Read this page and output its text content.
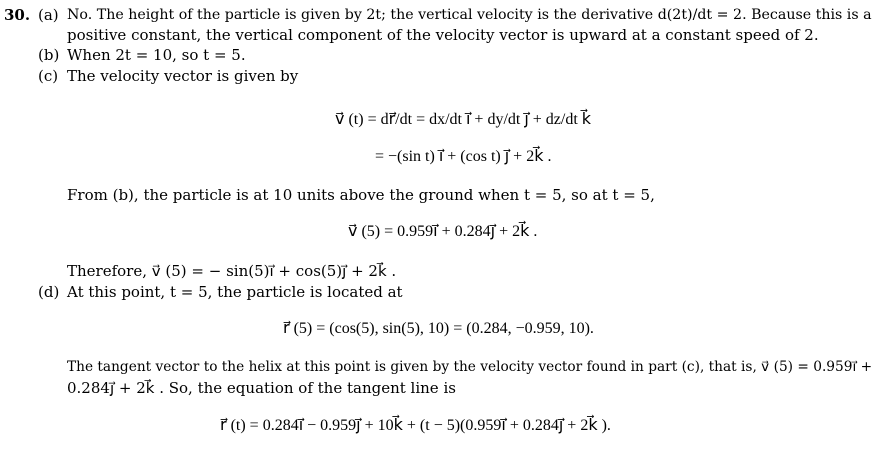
30. (a) No. The height of the particle is given by 2t; the vertical velocity is the derivative d(2t)/dt = 2. Because this is a
positive constant, the vertical component of the velocity vector is upward at a constant speed of 2.
(b) When 2t = 10, so t = 5.
(c) The velocity vector is given by
v⃗ (t) = dr⃗/dt = dx/dt i⃗ + dy/dt j⃗ + dz/dt k⃗
= −(sin t) i⃗ + (cos t) j⃗ + 2k⃗ .
From (b), the particle is at 10 units above the ground when t = 5, so at t = 5,
v⃗ (5) = 0.959i⃗ + 0.284j⃗ + 2k⃗ .
Therefore, v⃗ (5) = − sin(5)i⃗ + cos(5)j⃗ + 2k⃗ .
(d) At this point, t = 5, the particle is located at
r⃗ (5) = (cos(5), sin(5), 10) = (0.284, −0.959, 10).
The tangent vector to the helix at this point is given by the velocity vector found in part (c), that is, v⃗ (5) = 0.959i⃗ +
0.284j⃗ + 2k⃗ . So, the equation of the tangent line is
r⃗ (t) = 0.284i⃗ − 0.959j⃗ + 10k⃗ + (t − 5)(0.959i⃗ + 0.284j⃗ + 2k⃗ ).
